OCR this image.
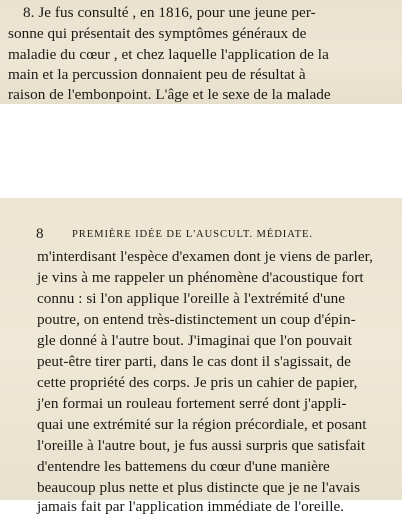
8. Je fus consulté , en 1816, pour une jeune per-
sonne qui présentait des symptômes généraux de
maladie du cœur , et chez laquelle l'application de la
main et la percussion donnaient peu de résultat à
raison de l'embonpoint. L'âge et le sexe de la malade
8	PREMIÈRE IDÉE DE L'AUSCULT. MÉDIATE.
m'interdisant l'espèce d'examen dont je viens de parler,
je vins à me rappeler un phénomène d'acoustique fort
connu : si l'on applique l'oreille à l'extrémité d'une
poutre, on entend très-distinctement un coup d'épin-
gle donné à l'autre bout. J'imaginai que l'on pouvait
peut-être tirer parti, dans le cas dont il s'agissait, de
cette propriété des corps. Je pris un cahier de papier,
j'en formai un rouleau fortement serré dont j'appli-
quai une extrémité sur la région précordiale, et posant
l'oreille à l'autre bout, je fus aussi surpris que satisfait
d'entendre les battemens du cœur d'une manière
beaucoup plus nette et plus distincte que je ne l'avais
jamais fait par l'application immédiate de l'oreille.
